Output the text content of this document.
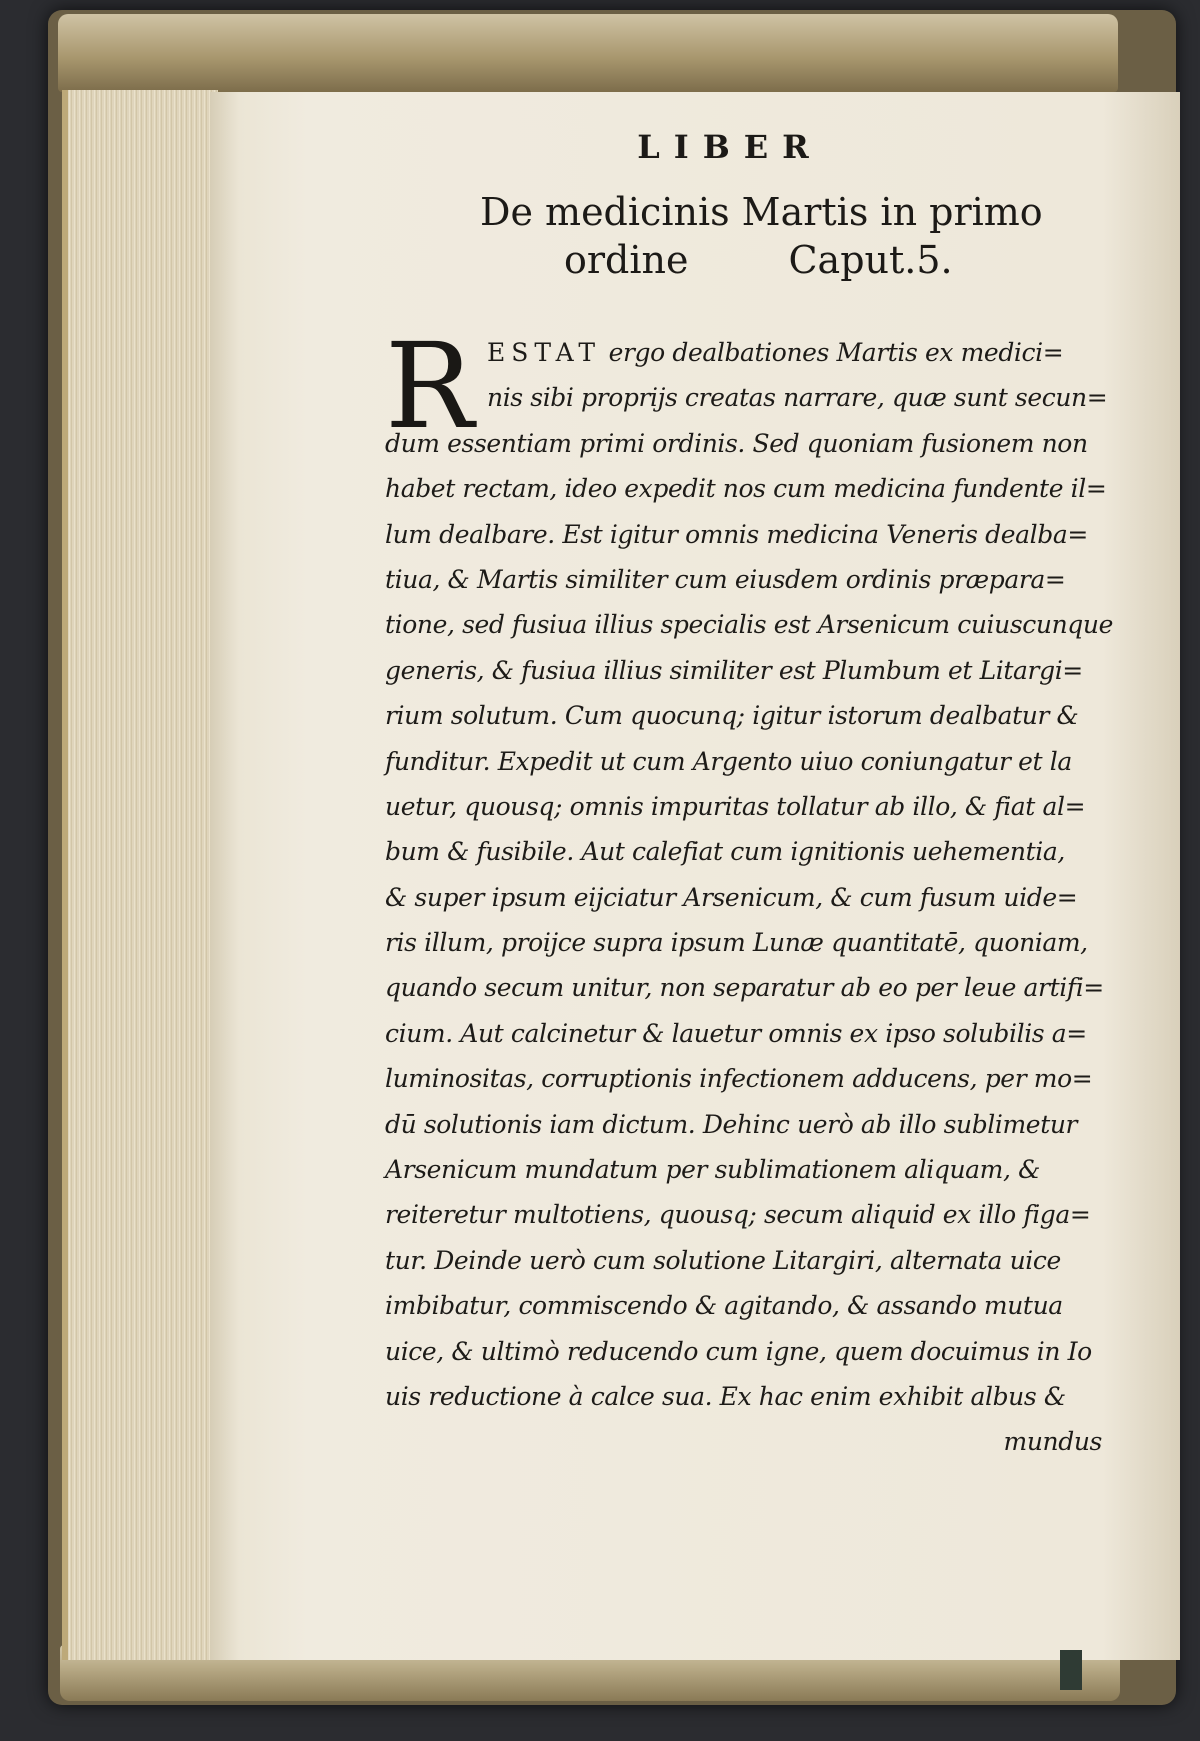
LIBER
De medicinis Martis in primo
ordine	Caput.5.
R ESTAT ergo dealbationes Martis ex medici=
nis sibi proprijs creatas narrare, quæ sunt secun=
dum essentiam primi ordinis. Sed quoniam fusionem non
habet rectam, ideo expedit nos cum medicina fundente il=
lum dealbare. Est igitur omnis medicina Veneris dealba=
tiua, & Martis similiter cum eiusdem ordinis præpara=
tione, sed fusiua illius specialis est Arsenicum cuiuscunque
generis, & fusiua illius similiter est Plumbum et Litargi=
rium solutum. Cum quocunq; igitur istorum dealbatur &
funditur. Expedit ut cum Argento uiuo coniungatur et la
uetur, quousq; omnis impuritas tollatur ab illo, & fiat al=
bum & fusibile. Aut calefiat cum ignitionis uehementia,
& super ipsum eijciatur Arsenicum, & cum fusum uide=
ris illum, proijce supra ipsum Lunæ quantitatē, quoniam,
quando secum unitur, non separatur ab eo per leue artifi=
cium. Aut calcinetur & lauetur omnis ex ipso solubilis a=
luminositas, corruptionis infectionem adducens, per mo=
dū solutionis iam dictum. Dehinc uerò ab illo sublimetur
Arsenicum mundatum per sublimationem aliquam, &
reiteretur multotiens, quousq; secum aliquid ex illo figa=
tur. Deinde uerò cum solutione Litargiri, alternata uice
imbibatur, commiscendo & agitando, & assando mutua
uice, & ultimò reducendo cum igne, quem docuimus in Io
uis reductione à calce sua. Ex hac enim exhibit albus &
mundus
